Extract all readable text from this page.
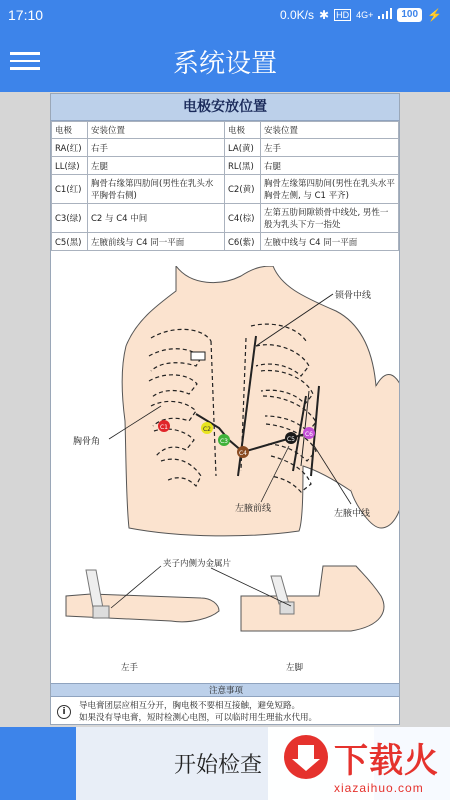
17:10	0.0K/s ✱ HD 4G+	100 ⚡
系统设置
电极安放位置
电极	安装位置	电极	安装位置
RA(红)	右手	LA(黄)	左手
LL(绿)	左腿	RL(黑)	右腿
C1(红)	胸骨右缘第四肋间(男性在乳头水平胸骨右侧)	C2(黄)	胸骨左缘第四肋间(男性在乳头水平胸骨左侧, 与 C1 平齐)
C3(绿)	C2 与 C4 中间	C4(棕)	左第五肋间隙锁骨中线处, 男性一般为乳头下方一指处
C5(黑)	左腋前线与 C4 同一平面	C6(紫)	左腋中线与 C4 同一平面
C1	C2
C3
C4
C5
C6
锁骨中线
胸骨角
左腋前线	左腋中线
夹子内侧为金属片
左手	左脚
注意事项
i
导电膏团层应相互分开，胸电极不要相互接触，避免短路。
如果没有导电膏，短时检测心电图，可以临时用生理盐水代用。
开始检查	下载火
xiazaihuo.com
